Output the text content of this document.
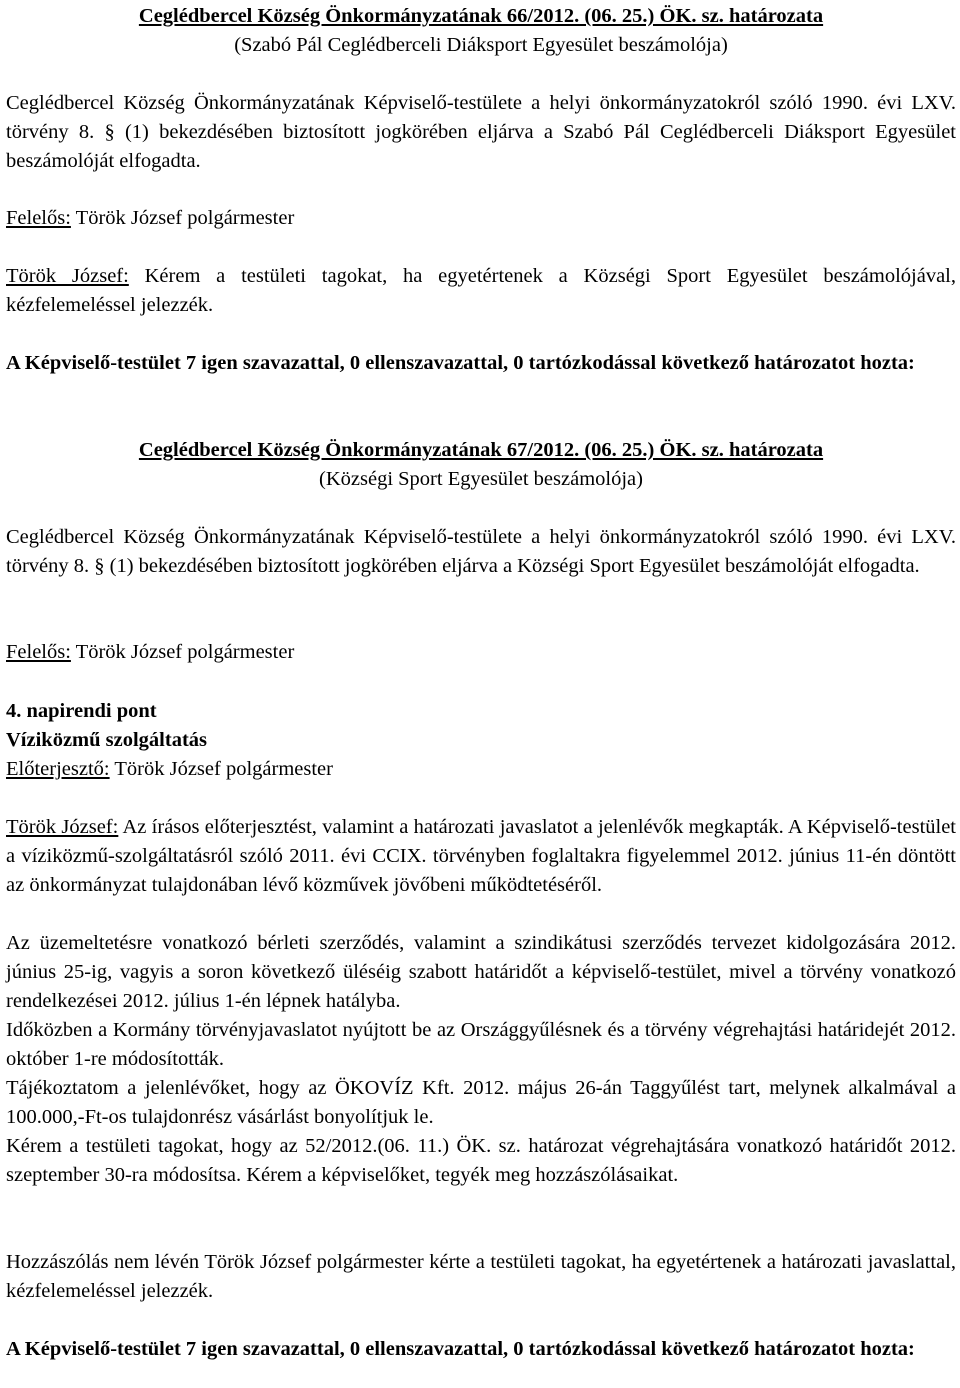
Ceglédbercel Község Önkormányzatának 66/2012. (06. 25.) ÖK. sz. határozata

(Szabó Pál Ceglédberceli Diáksport Egyesület beszámolója)

Ceglédbercel Község Önkormányzatának Képviselő-testülete a helyi önkormányzatokról szóló 1990. évi LXV. törvény 8. § (1) bekezdésében biztosított jogkörében eljárva a Szabó Pál Ceglédberceli Diáksport Egyesület beszámolóját elfogadta.

Felelős: Török József polgármester

Török József: Kérem a testületi tagokat, ha egyetértenek a Községi Sport Egyesület beszámolójával, kézfelemeléssel jelezzék.

A Képviselő-testület 7 igen szavazattal, 0 ellenszavazattal, 0 tartózkodással következő határozatot hozta:

Ceglédbercel Község Önkormányzatának 67/2012. (06. 25.) ÖK. sz. határozata

(Községi Sport Egyesület beszámolója)

Ceglédbercel Község Önkormányzatának Képviselő-testülete a helyi önkormányzatokról szóló 1990. évi LXV. törvény 8. § (1) bekezdésében biztosított jogkörében eljárva a Községi Sport Egyesület beszámolóját elfogadta.

Felelős: Török József polgármester

4. napirendi pont

Víziközmű szolgáltatás

Előterjesztő: Török József polgármester

Török József: Az írásos előterjesztést, valamint a határozati javaslatot a jelenlévők megkapták. A Képviselő-testület a víziközmű-szolgáltatásról szóló 2011. évi CCIX. törvényben foglaltakra figyelemmel 2012. június 11-én döntött az önkormányzat tulajdonában lévő közművek jövőbeni működtetéséről.

Az üzemeltetésre vonatkozó bérleti szerződés, valamint a szindikátusi szerződés tervezet kidolgozására 2012. június 25-ig, vagyis a soron következő üléséig szabott határidőt a képviselő-testület, mivel a törvény vonatkozó rendelkezései 2012. július 1-én lépnek hatályba.

Időközben a Kormány törvényjavaslatot nyújtott be az Országgyűlésnek és a törvény végrehajtási határidejét 2012. október 1-re módosították.

Tájékoztatom a jelenlévőket, hogy az ÖKOVÍZ Kft. 2012. május 26-án Taggyűlést tart, melynek alkalmával a 100.000,-Ft-os tulajdonrész vásárlást bonyolítjuk le.

Kérem a testületi tagokat, hogy az 52/2012.(06. 11.) ÖK. sz. határozat végrehajtására vonatkozó határidőt 2012. szeptember 30-ra módosítsa. Kérem a képviselőket, tegyék meg hozzászólásaikat.

Hozzászólás nem lévén Török József polgármester kérte a testületi tagokat, ha egyetértenek a határozati javaslattal, kézfelemeléssel jelezzék.

A Képviselő-testület 7 igen szavazattal, 0 ellenszavazattal, 0 tartózkodással következő határozatot hozta:
